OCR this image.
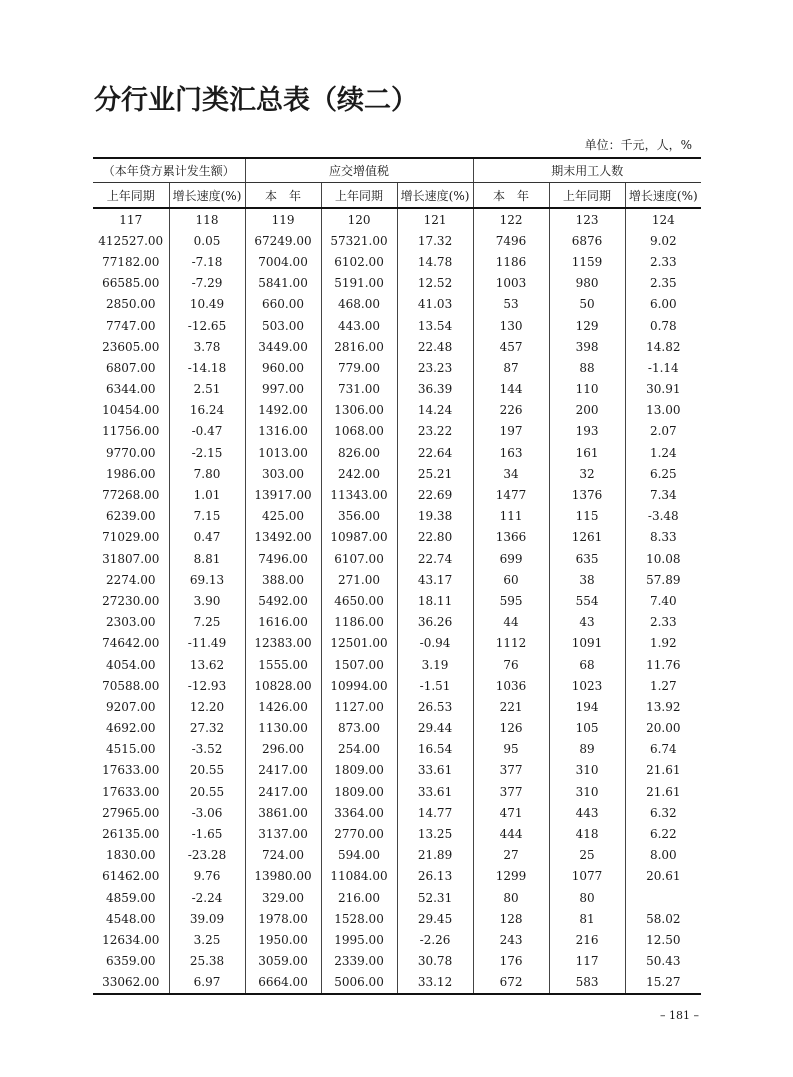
分行业门类汇总表（续二）
单位：千元，人，%
（本年贷方累计发生额）		应交增值税			期末用工人数		
上年同期	增长速度(%)	本　年	上年同期	增长速度(%)	本　年	上年同期	增长速度(%)
117	118	119	120	121	122	123	124
412527.00	0.05	67249.00	57321.00	17.32	7496	6876	9.02
77182.00	-7.18	7004.00	6102.00	14.78	1186	1159	2.33
66585.00	-7.29	5841.00	5191.00	12.52	1003	980	2.35
2850.00	10.49	660.00	468.00	41.03	53	50	6.00
7747.00	-12.65	503.00	443.00	13.54	130	129	0.78
23605.00	3.78	3449.00	2816.00	22.48	457	398	14.82
6807.00	-14.18	960.00	779.00	23.23	87	88	-1.14
6344.00	2.51	997.00	731.00	36.39	144	110	30.91
10454.00	16.24	1492.00	1306.00	14.24	226	200	13.00
11756.00	-0.47	1316.00	1068.00	23.22	197	193	2.07
9770.00	-2.15	1013.00	826.00	22.64	163	161	1.24
1986.00	7.80	303.00	242.00	25.21	34	32	6.25
77268.00	1.01	13917.00	11343.00	22.69	1477	1376	7.34
6239.00	7.15	425.00	356.00	19.38	111	115	-3.48
71029.00	0.47	13492.00	10987.00	22.80	1366	1261	8.33
31807.00	8.81	7496.00	6107.00	22.74	699	635	10.08
2274.00	69.13	388.00	271.00	43.17	60	38	57.89
27230.00	3.90	5492.00	4650.00	18.11	595	554	7.40
2303.00	7.25	1616.00	1186.00	36.26	44	43	2.33
74642.00	-11.49	12383.00	12501.00	-0.94	1112	1091	1.92
4054.00	13.62	1555.00	1507.00	3.19	76	68	11.76
70588.00	-12.93	10828.00	10994.00	-1.51	1036	1023	1.27
9207.00	12.20	1426.00	1127.00	26.53	221	194	13.92
4692.00	27.32	1130.00	873.00	29.44	126	105	20.00
4515.00	-3.52	296.00	254.00	16.54	95	89	6.74
17633.00	20.55	2417.00	1809.00	33.61	377	310	21.61
17633.00	20.55	2417.00	1809.00	33.61	377	310	21.61
27965.00	-3.06	3861.00	3364.00	14.77	471	443	6.32
26135.00	-1.65	3137.00	2770.00	13.25	444	418	6.22
1830.00	-23.28	724.00	594.00	21.89	27	25	8.00
61462.00	9.76	13980.00	11084.00	26.13	1299	1077	20.61
4859.00	-2.24	329.00	216.00	52.31	80	80	
4548.00	39.09	1978.00	1528.00	29.45	128	81	58.02
12634.00	3.25	1950.00	1995.00	-2.26	243	216	12.50
6359.00	25.38	3059.00	2339.00	30.78	176	117	50.43
33062.00	6.97	6664.00	5006.00	33.12	672	583	15.27
– 181 –
